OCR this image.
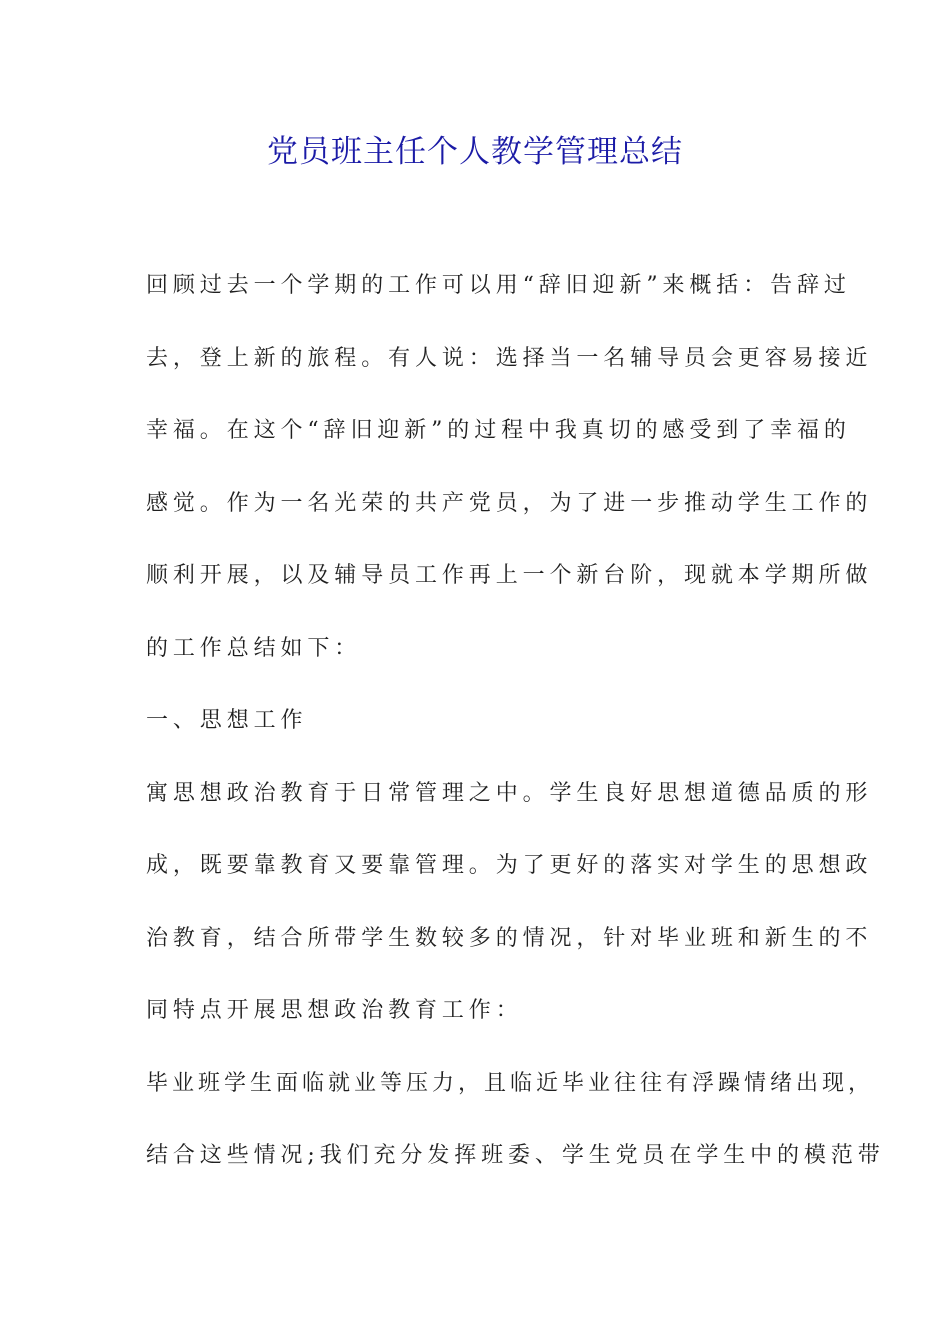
党员班主任个人教学管理总结
回顾过去一个学期的工作可以用“辞旧迎新”来概括：告辞过
去，登上新的旅程。有人说：选择当一名辅导员会更容易接近
幸福。在这个“辞旧迎新”的过程中我真切的感受到了幸福的
感觉。作为一名光荣的共产党员，为了进一步推动学生工作的
顺利开展，以及辅导员工作再上一个新台阶，现就本学期所做
的工作总结如下：
一、思想工作
寓思想政治教育于日常管理之中。学生良好思想道德品质的形
成，既要靠教育又要靠管理。为了更好的落实对学生的思想政
治教育，结合所带学生数较多的情况，针对毕业班和新生的不
同特点开展思想政治教育工作：
毕业班学生面临就业等压力，且临近毕业往往有浮躁情绪出现，
结合这些情况;我们充分发挥班委、学生党员在学生中的模范带
